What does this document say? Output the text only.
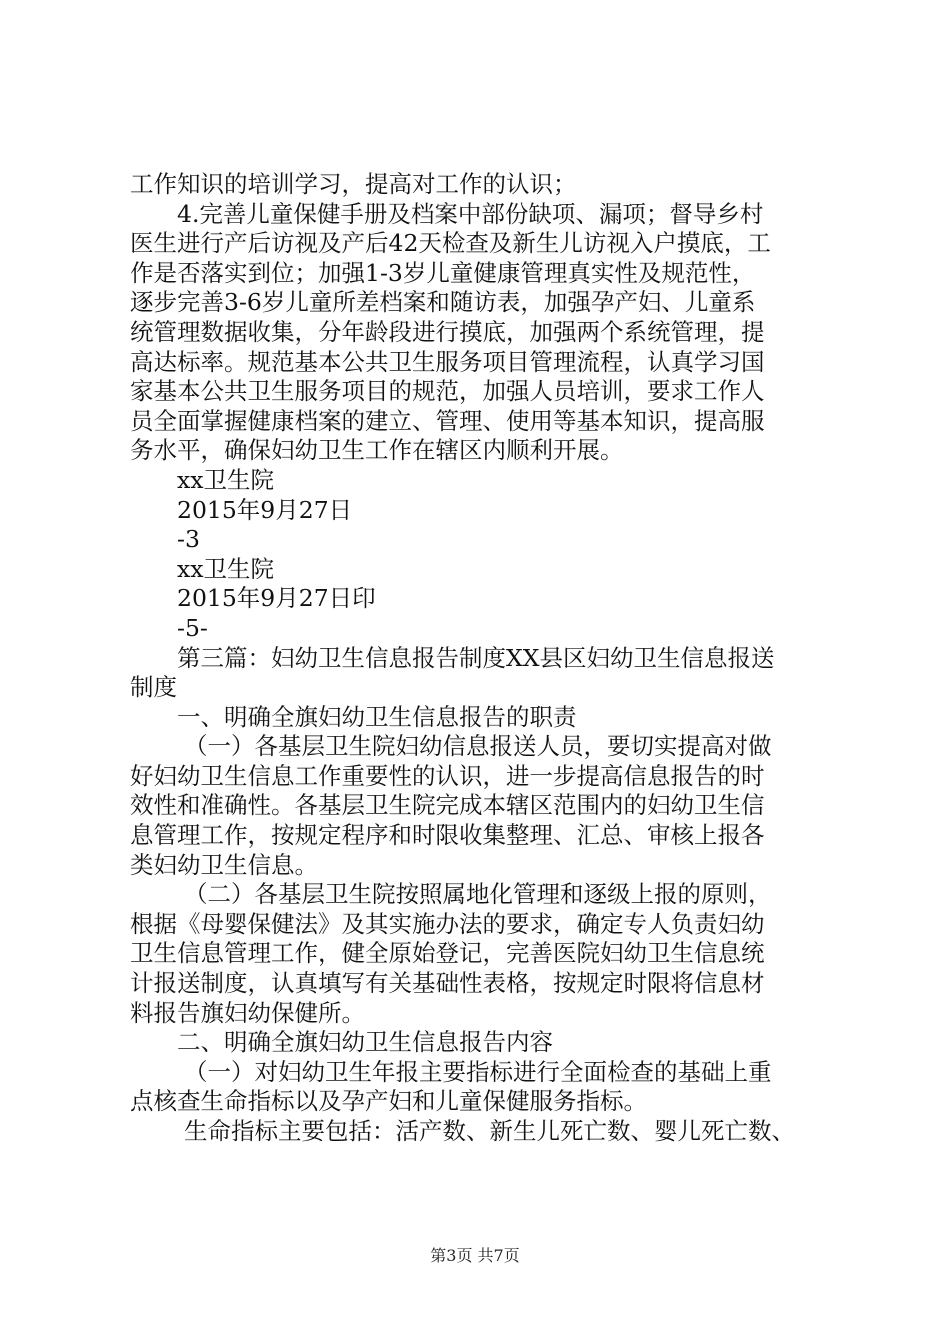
工作知识的培训学习，提高对工作的认识；
4.完善儿童保健手册及档案中部份缺项、漏项；督导乡村
医生进行产后访视及产后42天检查及新生儿访视入户摸底，工
作是否落实到位；加强1-3岁儿童健康管理真实性及规范性，
逐步完善3-6岁儿童所差档案和随访表，加强孕产妇、儿童系
统管理数据收集，分年龄段进行摸底，加强两个系统管理，提
高达标率。规范基本公共卫生服务项目管理流程，认真学习国
家基本公共卫生服务项目的规范，加强人员培训，要求工作人
员全面掌握健康档案的建立、管理、使用等基本知识，提高服
务水平，确保妇幼卫生工作在辖区内顺利开展。
xx卫生院
2015年9月27日
-3
xx卫生院
2015年9月27日印
-5-
第三篇：妇幼卫生信息报告制度XX县区妇幼卫生信息报送
制度
一、明确全旗妇幼卫生信息报告的职责
（一）各基层卫生院妇幼信息报送人员，要切实提高对做
好妇幼卫生信息工作重要性的认识，进一步提高信息报告的时
效性和准确性。各基层卫生院完成本辖区范围内的妇幼卫生信
息管理工作，按规定程序和时限收集整理、汇总、审核上报各
类妇幼卫生信息。
（二）各基层卫生院按照属地化管理和逐级上报的原则，
根据《母婴保健法》及其实施办法的要求，确定专人负责妇幼
卫生信息管理工作，健全原始登记，完善医院妇幼卫生信息统
计报送制度，认真填写有关基础性表格，按规定时限将信息材
料报告旗妇幼保健所。
二、明确全旗妇幼卫生信息报告内容
（一）对妇幼卫生年报主要指标进行全面检查的基础上重
点核查生命指标以及孕产妇和儿童保健服务指标。
生命指标主要包括：活产数、新生儿死亡数、婴儿死亡数、
第3页 共7页
